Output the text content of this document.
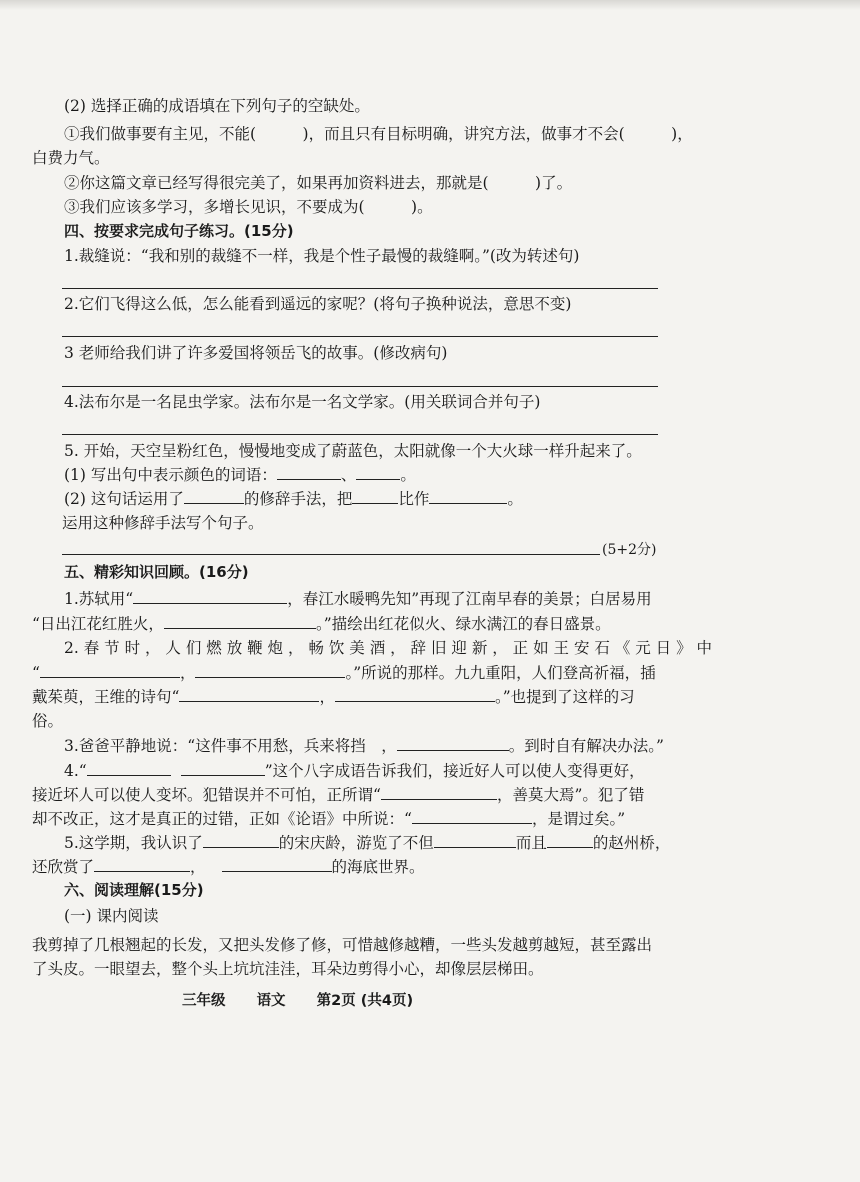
(2) 选择正确的成语填在下列句子的空缺处。
①我们做事要有主见，不能(　　　)，而且只有目标明确，讲究方法，做事才不会(　　　)，
白费力气。
②你这篇文章已经写得很完美了，如果再加资料进去，那就是(　　　)了。
③我们应该多学习，多增长见识，不要成为(　　　)。
四、按要求完成句子练习。(15分)
1.裁缝说：“我和别的裁缝不一样，我是个性子最慢的裁缝啊。”(改为转述句)
2.它们飞得这么低，怎么能看到遥远的家呢？(将句子换种说法，意思不变)
3 老师给我们讲了许多爱国将领岳飞的故事。(修改病句)
4.法布尔是一名昆虫学家。法布尔是一名文学家。(用关联词合并句子)
5. 开始，天空呈粉红色，慢慢地变成了蔚蓝色，太阳就像一个大火球一样升起来了。
(1) 写出句中表示颜色的词语：	、	。
(2) 这句话运用了	的修辞手法，把	比作	。
运用这种修辞手法写个句子。
(5+2分)
五、精彩知识回顾。(16分)
1.苏轼用“	，春江水暖鸭先知”再现了江南早春的美景；白居易用
“日出江花红胜火，	。”描绘出红花似火、绿水满江的春日盛景。
2. 春 节 时 ， 人 们 燃 放 鞭 炮 ， 畅 饮 美 酒 ， 辞 旧 迎 新 ， 正 如 王 安 石 《 元 日 》 中
“	，	。”所说的那样。九九重阳，人们登高祈福，插
戴茱萸，王维的诗句“	，	。”也提到了这样的习
俗。
3.爸爸平静地说：“这件事不用愁，兵来将挡　，	。到时自有解决办法。”
4.“	”这个八字成语告诉我们，接近好人可以使人变得更好，
接近坏人可以使人变坏。犯错误并不可怕，正所谓“	，善莫大焉”。犯了错
却不改正，这才是真正的过错，正如《论语》中所说：“	，是谓过矣。”
5.这学期，我认识了	的宋庆龄，游览了不但	而且	的赵州桥，
还欣赏了	，	的海底世界。
六、阅读理解(15分)
(一) 课内阅读
我剪掉了几根翘起的长发，又把头发修了修，可惜越修越糟，一些头发越剪越短，甚至露出
了头皮。一眼望去，整个头上坑坑洼洼，耳朵边剪得小心，却像层层梯田。
三年级 语文 第2页 (共4页)
